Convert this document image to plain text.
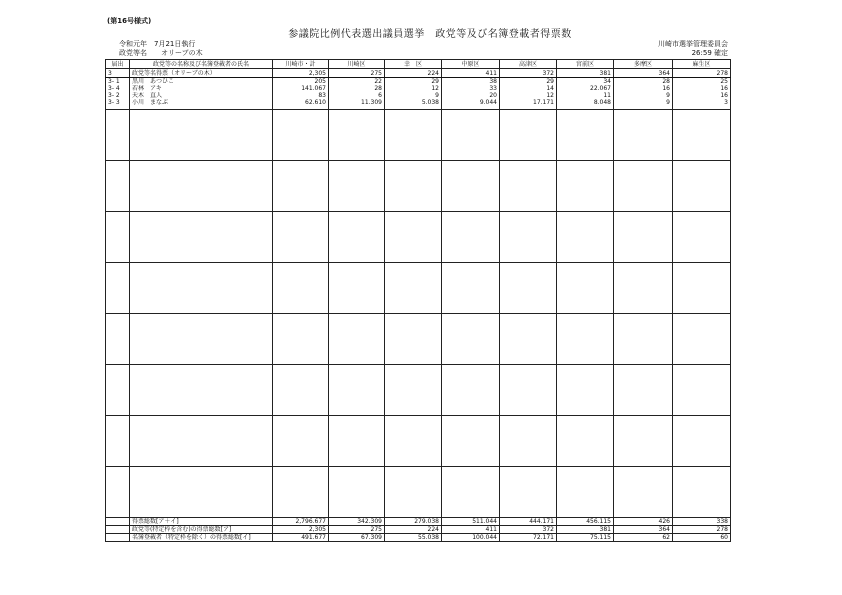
(第16号様式)
参議院比例代表選出議員選挙　政党等及び名簿登載者得票数
令和元年　7月21日執行
政党等名 オリーブの木
川崎市選挙管理委員会
26:59 確定
届出	政党等の名称及び名簿登載者の氏名	川崎市・計	川崎区	幸　区	中原区	高津区	宮前区	多摩区	麻生区
3	政党等名得票（オリーブの木）	2,305	275	224	411	372	381	364	278
3- 1	黒川　あつひこ	205	22	29	38	29	34	28	25
3- 4	若林　アキ	141.067	28	12	33	14	22.067	16	16
3- 2	天木　直人	83	6	9	20	12	11	9	16
3- 3	小川　まなぶ	62.610	11.309	5.038	9.044	17.171	8.048	9	3

	得票総数[ア＋イ]	2,796.677	342.309	279.038	511.044	444.171	456.115	426	338
	政党等(特定枠を含む)の得票総数[ア]	2,305	275	224	411	372	381	364	278
	名簿登載者（特定枠を除く）の得票総数[イ]	491.677	67.309	55.038	100.044	72.171	75.115	62	60
